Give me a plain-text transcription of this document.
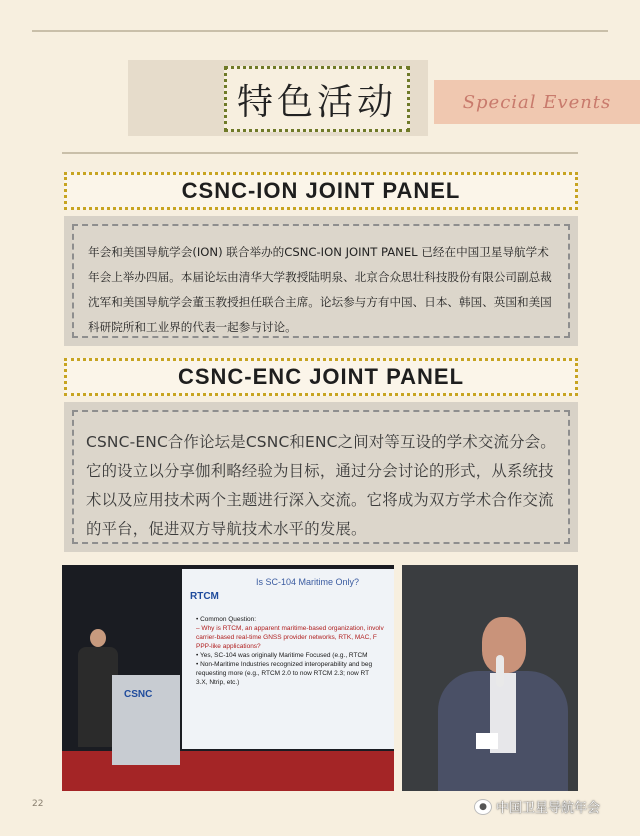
特色活动	Special Events
CSNC-ION JOINT PANEL
年会和美国导航学会(ION) 联合举办的CSNC-ION JOINT PANEL 已经在中国卫星导航学术年会上举办四届。本届论坛由清华大学教授陆明泉、北京合众思壮科技股份有限公司副总裁沈军和美国导航学会董玉教授担任联合主席。论坛参与方有中国、日本、韩国、英国和美国科研院所和工业界的代表一起参与讨论。
CSNC-ENC JOINT PANEL
CSNC-ENC合作论坛是CSNC和ENC之间对等互设的学术交流分会。它的设立以分享伽利略经验为目标，通过分会讨论的形式，从系统技术以及应用技术两个主题进行深入交流。它将成为双方学术合作交流的平台，促进双方导航技术水平的发展。
Is SC-104 Maritime Only?
RTCM
• Common Question:
– Why is RTCM, an apparent maritime-based organization, involv
carrier-based real-time GNSS provider networks, RTK, MAC, F
PPP-like applications?
• Yes, SC-104 was originally Maritime Focused (e.g., RTCM
• Non-Maritime Industries recognized interoperability and beg
requesting more (e.g., RTCM 2.0 to now RTCM 2.3; now RT
3.X, Ntrip, etc.)
CSNC
22	● 中国卫星导航年会
